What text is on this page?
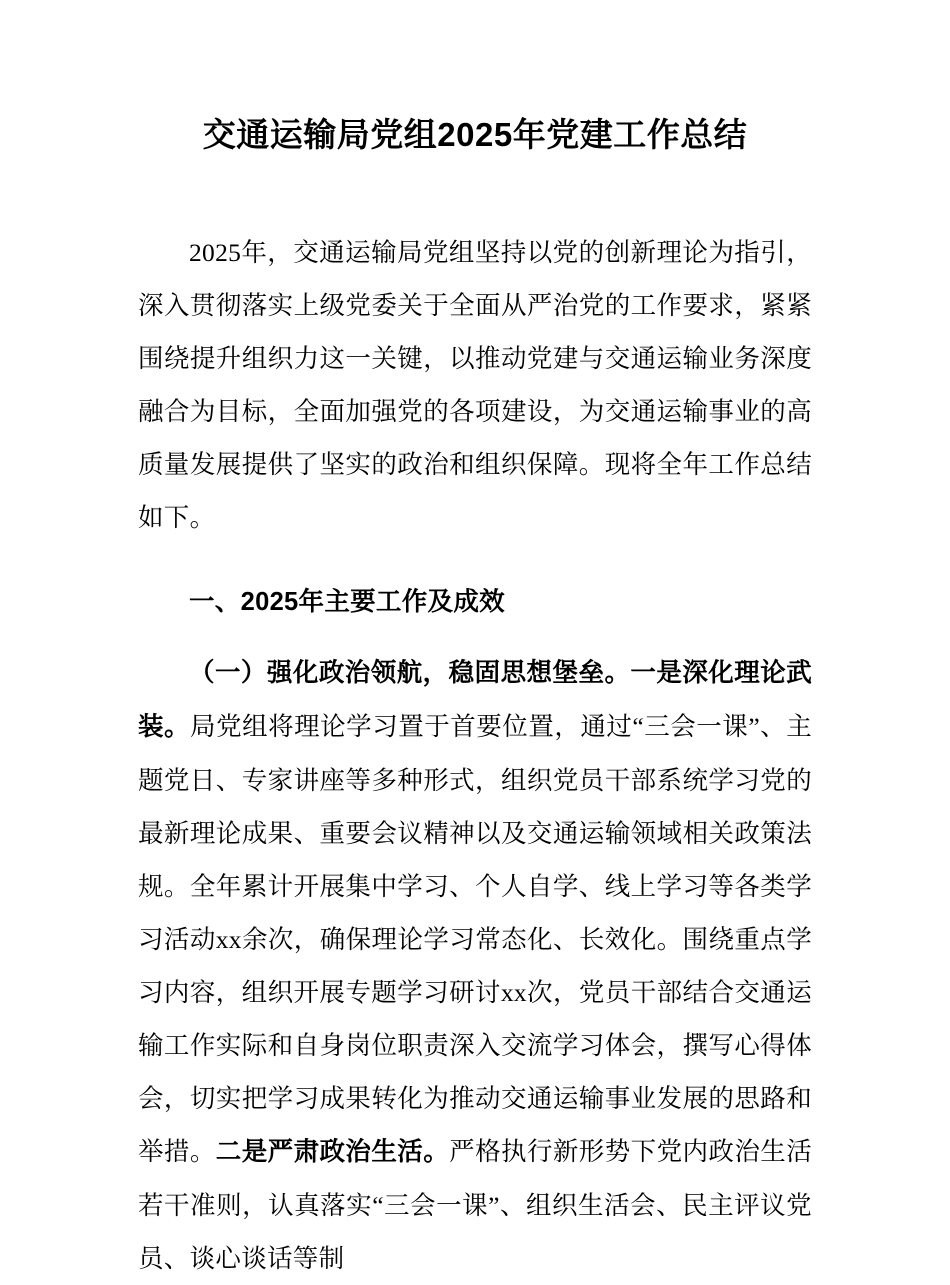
交通运输局党组2025年党建工作总结

2025年，交通运输局党组坚持以党的创新理论为指引，深入贯彻落实上级党委关于全面从严治党的工作要求，紧紧围绕提升组织力这一关键，以推动党建与交通运输业务深度融合为目标，全面加强党的各项建设，为交通运输事业的高质量发展提供了坚实的政治和组织保障。现将全年工作总结如下。

一、2025年主要工作及成效

（一）强化政治领航，稳固思想堡垒。一是深化理论武装。局党组将理论学习置于首要位置，通过“三会一课”、主题党日、专家讲座等多种形式，组织党员干部系统学习党的最新理论成果、重要会议精神以及交通运输领域相关政策法规。全年累计开展集中学习、个人自学、线上学习等各类学习活动xx余次，确保理论学习常态化、长效化。围绕重点学习内容，组织开展专题学习研讨xx次，党员干部结合交通运输工作实际和自身岗位职责深入交流学习体会，撰写心得体会，切实把学习成果转化为推动交通运输事业发展的思路和举措。二是严肃政治生活。严格执行新形势下党内政治生活若干准则，认真落实“三会一课”、组织生活会、民主评议党员、谈心谈话等制
